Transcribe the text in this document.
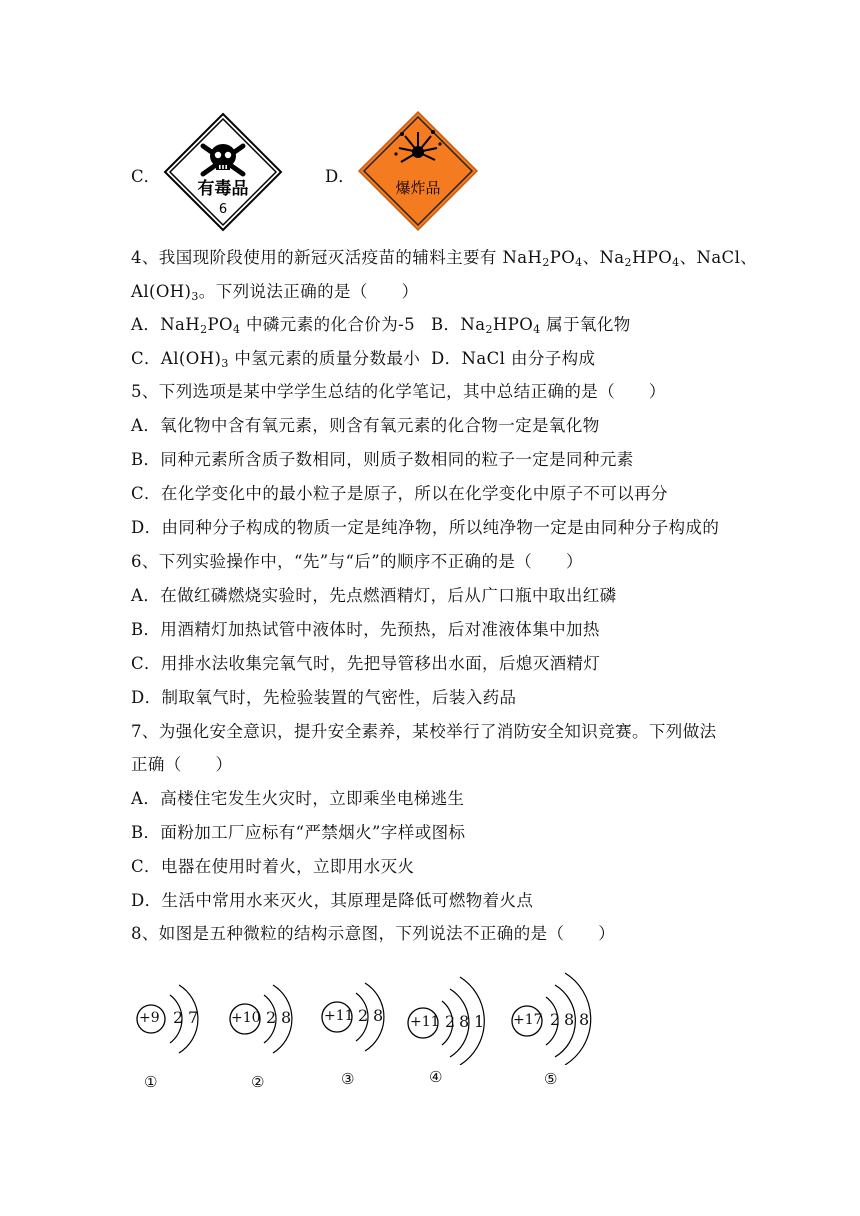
C．
有毒品
6
D．
爆炸品
4、我国现阶段使用的新冠灭活疫苗的辅料主要有 $NaH_2PO_4$、$Na_2HPO_4$、NaCl、
$Al(OH)_3$。下列说法正确的是（　　）
A．$NaH_2PO_4$ 中磷元素的化合价为-5 B．$Na_2HPO_4$ 属于氧化物
C．$Al(OH)_3$ 中氢元素的质量分数最小 D．NaCl 由分子构成
5、下列选项是某中学学生总结的化学笔记，其中总结正确的是（　　）
A．氧化物中含有氧元素，则含有氧元素的化合物一定是氧化物
B．同种元素所含质子数相同，则质子数相同的粒子一定是同种元素
C．在化学变化中的最小粒子是原子，所以在化学变化中原子不可以再分
D．由同种分子构成的物质一定是纯净物，所以纯净物一定是由同种分子构成的
6、下列实验操作中，“先”与“后”的顺序不正确的是（　　）
A．在做红磷燃烧实验时，先点燃酒精灯，后从广口瓶中取出红磷
B．用酒精灯加热试管中液体时，先预热，后对准液体集中加热
C．用排水法收集完氧气时，先把导管移出水面，后熄灭酒精灯
D．制取氧气时，先检验装置的气密性，后装入药品
7、为强化安全意识，提升安全素养，某校举行了消防安全知识竞赛。下列做法
正确（　　）
A．高楼住宅发生火灾时，立即乘坐电梯逃生
B．面粉加工厂应标有“严禁烟火”字样或图标
C．电器在使用时着火，立即用水灭火
D．生活中常用水来灭火，其原理是降低可燃物着火点
8、如图是五种微粒的结构示意图，下列说法不正确的是（　　）
+9 2 7 +10 2 8 +11 2 8 +11 2 8 1 +17 2 8 8
①	②	③	④	⑤
